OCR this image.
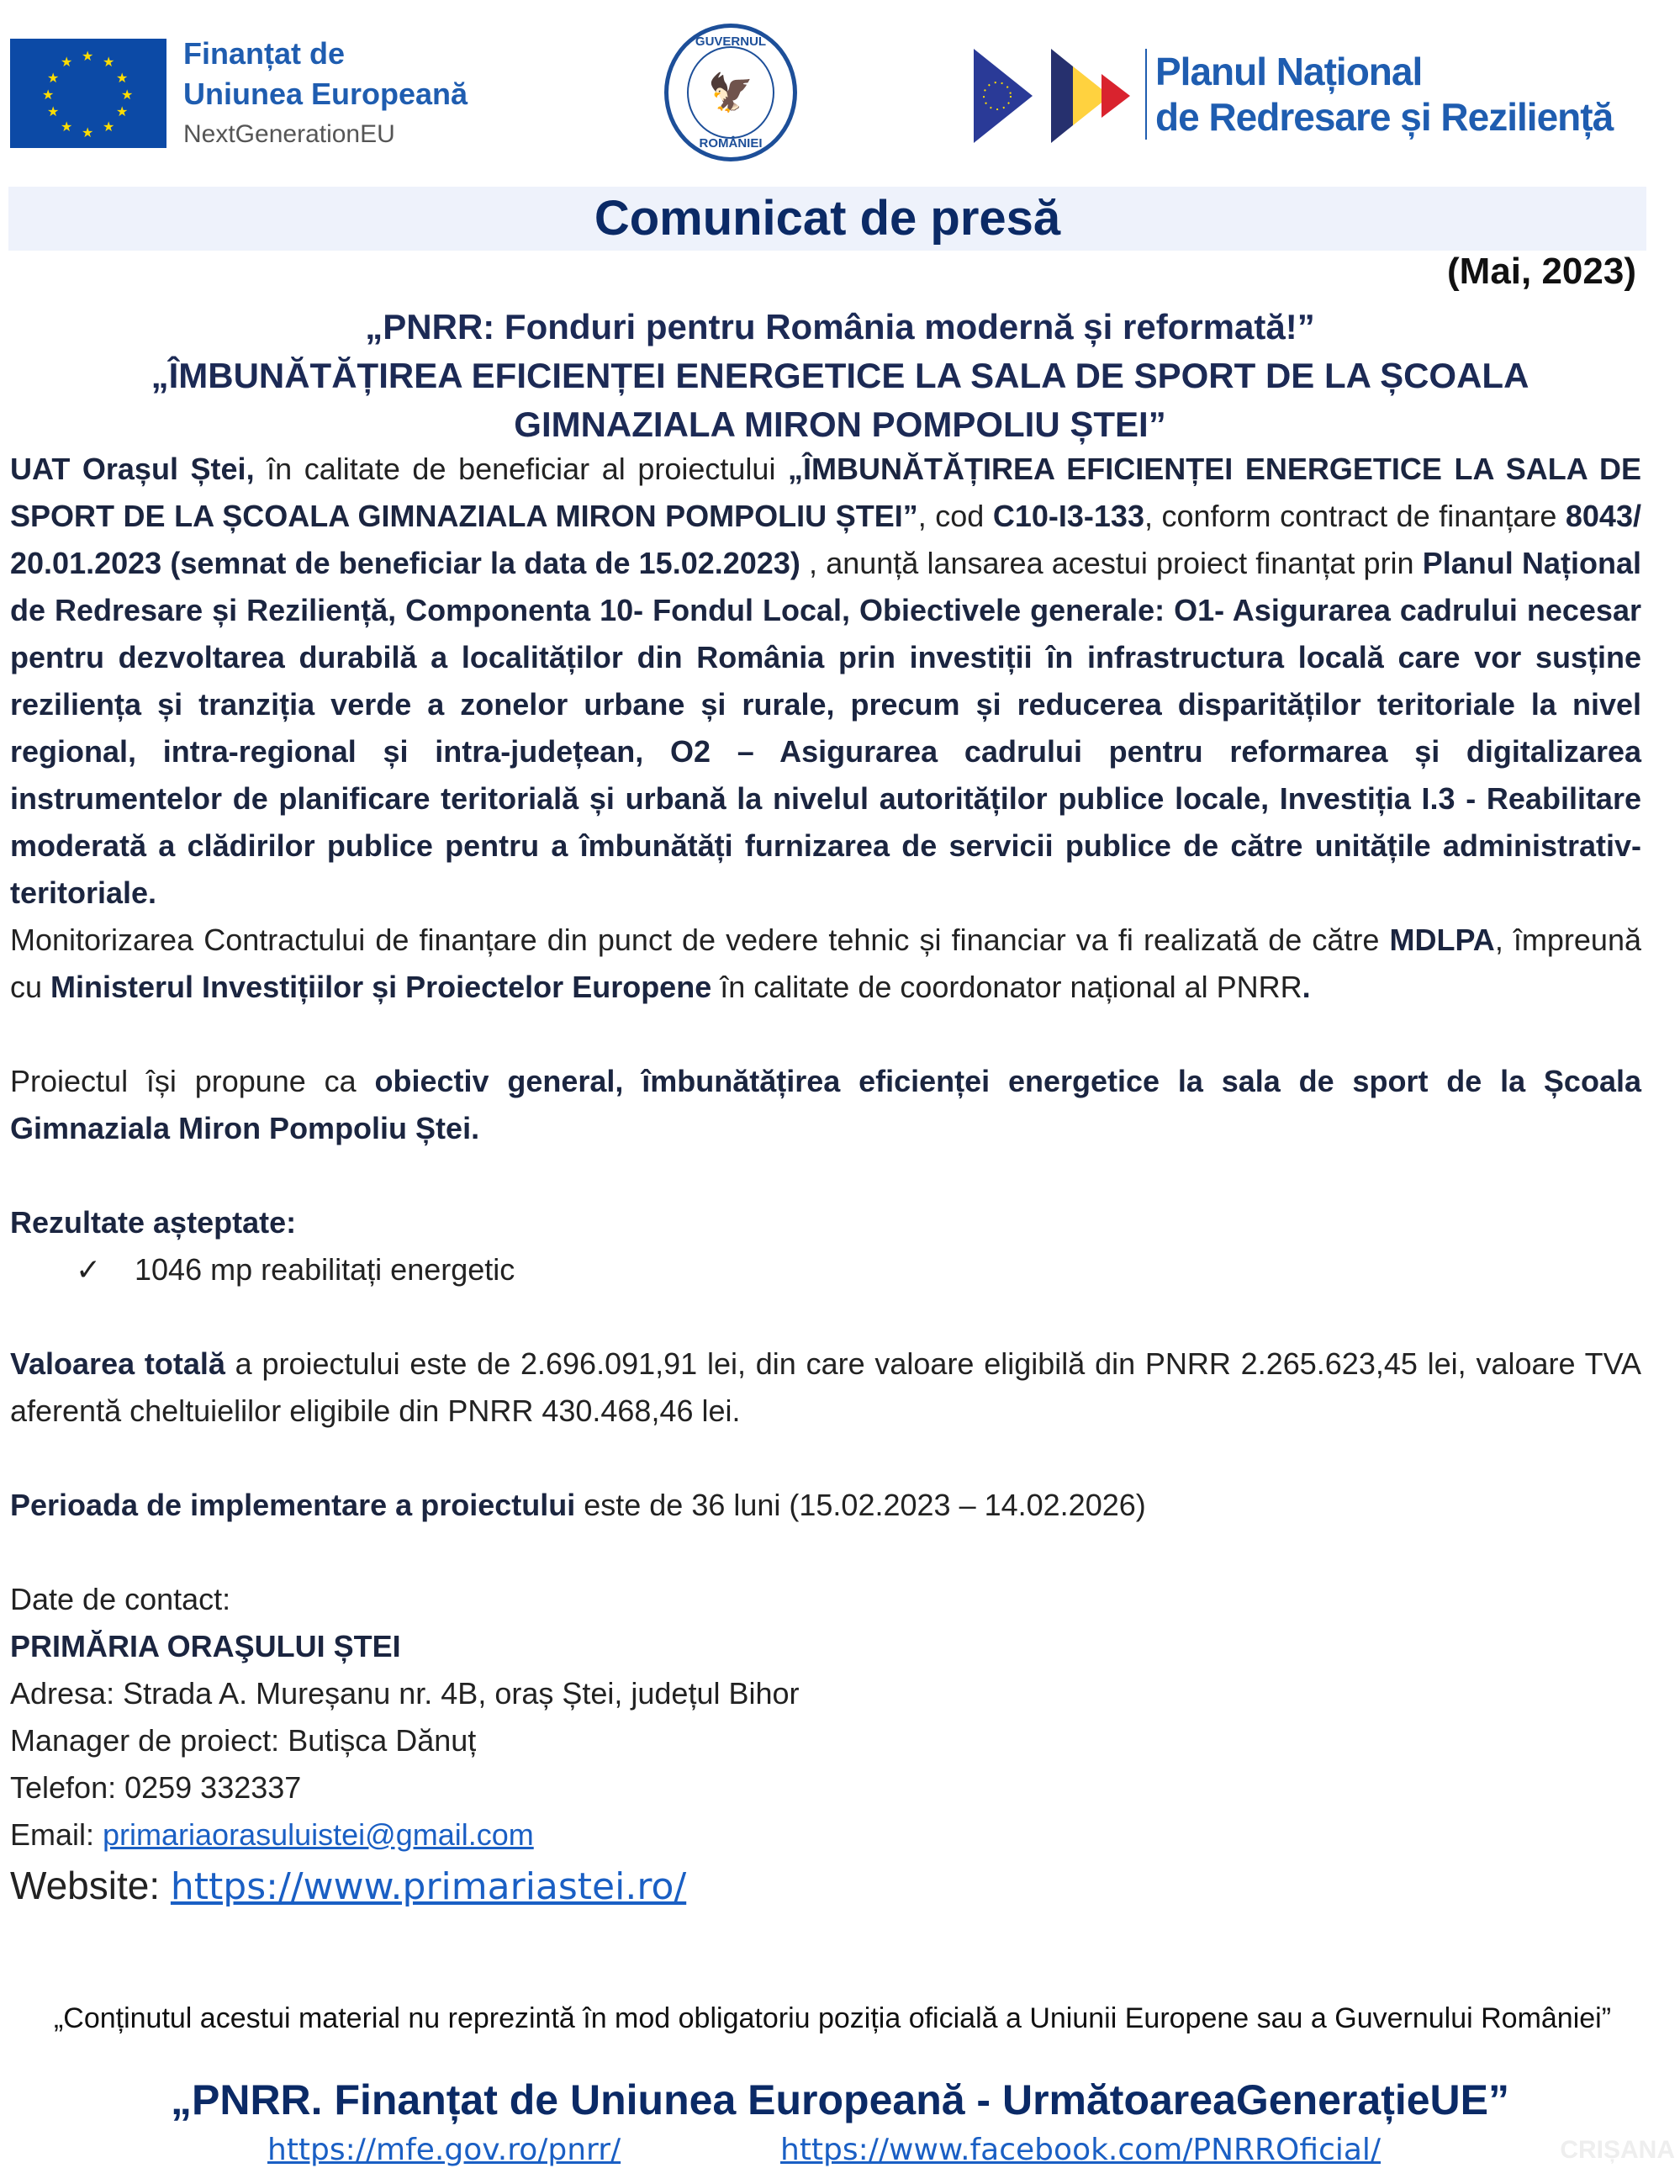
★ ★
★
★
★
★
★
★
★
★
★
★	Finanțat de
Uniunea Europeană
NextGenerationEU
GUVERNUL
🦅
ROMÂNIEI
Planul Național
de Redresare și Reziliență
Comunicat de presă
(Mai, 2023)
„PNRR: Fonduri pentru România modernă și reformată!”
„ÎMBUNĂTĂȚIREA EFICIENȚEI ENERGETICE LA SALA DE SPORT DE LA ȘCOALA GIMNAZIALA MIRON POMPOLIU ȘTEI”

UAT Orașul Ștei, în calitate de beneficiar al proiectului „ÎMBUNĂTĂȚIREA EFICIENȚEI ENERGETICE LA SALA DE SPORT DE LA ȘCOALA GIMNAZIALA MIRON POMPOLIU ȘTEI”, cod C10-I3-133, conform contract de finanțare 8043/ 20.01.2023 (semnat de beneficiar la data de 15.02.2023) , anunță lansarea acestui proiect finanțat prin Planul Național de Redresare și Reziliență, Componenta 10- Fondul Local, Obiectivele generale: O1- Asigurarea cadrului necesar pentru dezvoltarea durabilă a localităților din România prin investiții în infrastructura locală care vor susține reziliența și tranziția verde a zonelor urbane și rurale, precum și reducerea disparităților teritoriale la nivel regional, intra-regional și intra-județean, O2 – Asigurarea cadrului pentru reformarea și digitalizarea instrumentelor de planificare teritorială și urbană la nivelul autorităților publice locale, Investiția I.3 - Reabilitare moderată a clădirilor publice pentru a îmbunătăți furnizarea de servicii publice de către unitățile administrativ-teritoriale.

Monitorizarea Contractului de finanțare din punct de vedere tehnic și financiar va fi realizată de către MDLPA, împreună cu Ministerul Investițiilor și Proiectelor Europene în calitate de coordonator național al PNRR.

Proiectul își propune ca obiectiv general, îmbunătățirea eficienței energetice la sala de sport de la Școala Gimnaziala Miron Pompoliu Ștei.

Rezultate așteptate:

✓ 1046 mp reabilitați energetic

Valoarea totală a proiectului este de 2.696.091,91 lei, din care valoare eligibilă din PNRR 2.265.623,45 lei, valoare TVA aferentă cheltuielilor eligibile din PNRR 430.468,46 lei.

Perioada de implementare a proiectului este de 36 luni (15.02.2023 – 14.02.2026)

Date de contact:

PRIMĂRIA ORAŞULUI ȘTEI

Adresa: Strada A. Mureșanu nr. 4B, oraș Ștei, județul Bihor

Manager de proiect: Butișca Dănuț

Telefon: 0259 332337

Email: primariaorasuluistei@gmail.com

Website: https://www.primariastei.ro/

„Conținutul acestui material nu reprezintă în mod obligatoriu poziția oficială a Uniunii Europene sau a Guvernului României”
„PNRR. Finanțat de Uniunea Europeană - UrmătoareaGenerațieUE”
https://mfe.gov.ro/pnrr/	https://www.facebook.com/PNRROficial/	CRIȘANA
